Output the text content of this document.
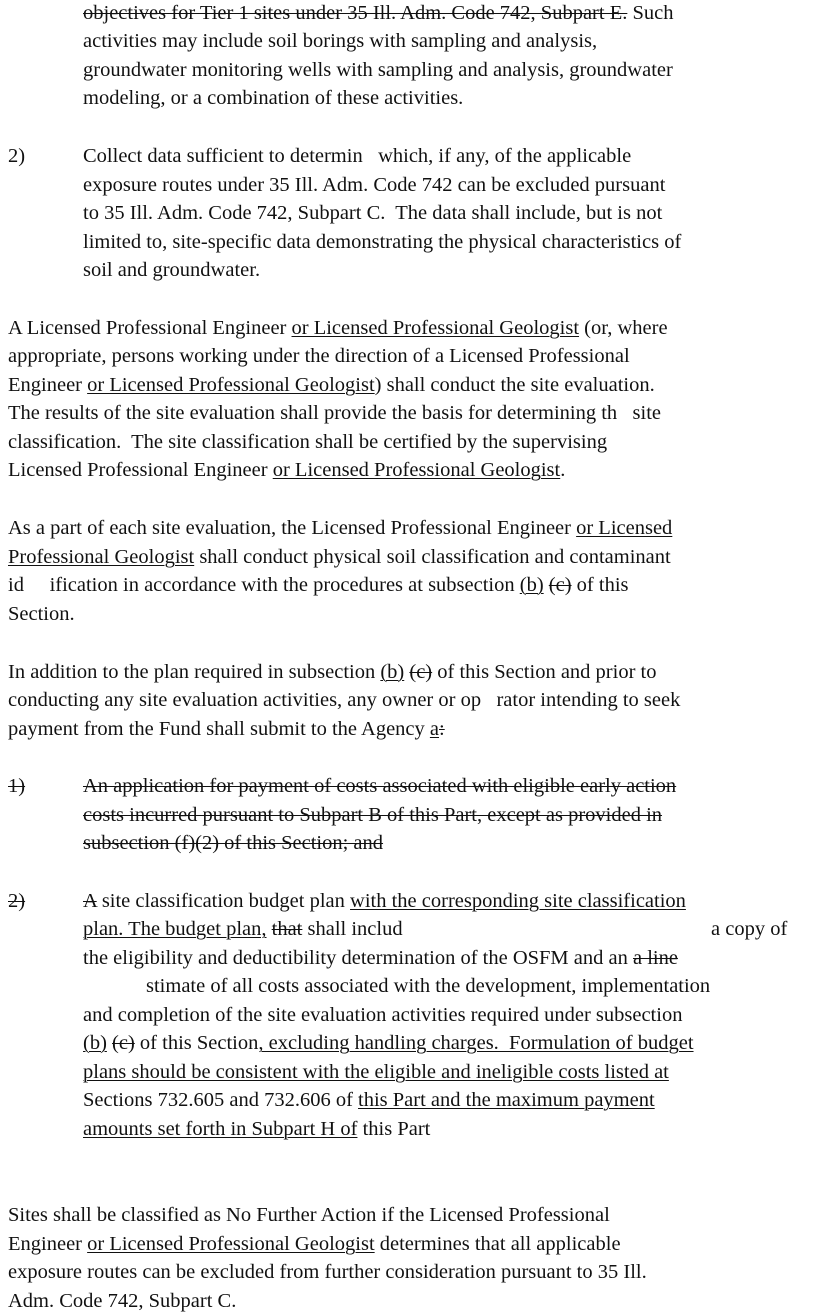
objectives for Tier 1 sites under 35 Ill. Adm. Code 742, Subpart E. Such
activities may include soil borings with sampling and analysis,
groundwater monitoring wells with sampling and analysis, groundwater
modeling, or a combination of these activities.
2)	Collect data sufficient to determin   which, if any, of the applicable
exposure routes under 35 Ill. Adm. Code 742 can be excluded pursuant
to 35 Ill. Adm. Code 742, Subpart C.  The data shall include, but is not
limited to, site-specific data demonstrating the physical characteristics of
soil and groundwater.
A Licensed Professional Engineer or Licensed Professional Geologist (or, where
appropriate, persons working under the direction of a Licensed Professional
Engineer or Licensed Professional Geologist) shall conduct the site evaluation.
The results of the site evaluation shall provide the basis for determining th   site
classification.  The site classification shall be certified by the supervising
Licensed Professional Engineer or Licensed Professional Geologist.
As a part of each site evaluation, the Licensed Professional Engineer or Licensed
Professional Geologist shall conduct physical soil classification and contaminant
id     ification in accordance with the procedures at subsection (b) (c) of this
Section.
In addition to the plan required in subsection (b) (c) of this Section and prior to
conducting any site evaluation activities, any owner or op   rator intending to seek
payment from the Fund shall submit to the Agency a:
1)	An application for payment of costs associated with eligible early action
costs incurred pursuant to Subpart B of this Part, except as provided in
subsection (f)(2) of this Section; and
2)	A site classification budget plan with the corresponding site classification
plan. The budget plan, that shall includ	a copy of
the eligibility and deductibility determination of the OSFM and an a line
stimate of all costs associated with the development, implementation
and completion of the site evaluation activities required under subsection
(b) (c) of this Section, excluding handling charges.  Formulation of budget
plans should be consistent with the eligible and ineligible costs listed at
Sections 732.605 and 732.606 of this Part and the maximum payment
amounts set forth in Subpart H of this Part
Sites shall be classified as No Further Action if the Licensed Professional
Engineer or Licensed Professional Geologist determines that all applicable
exposure routes can be excluded from further consideration pursuant to 35 Ill.
Adm. Code 742, Subpart C.
